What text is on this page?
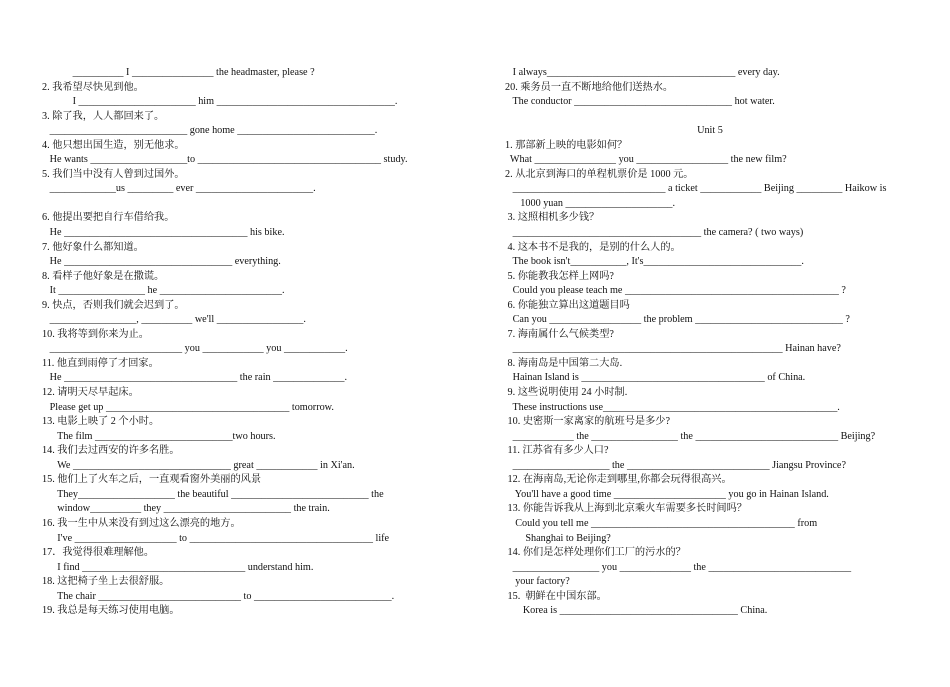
__________ I ________________ the headmaster, please ?
2. 我希望尽快见到他。
I _______________________ him ___________________________________.
3. 除了我，人人都回来了。
___________________________ gone home ___________________________.
4. 他只想出国生造，别无他求。
He wants ___________________to ____________________________________ study.
5. 我们当中没有人曾到过国外。
_____________us _________ ever _______________________.
6. 他提出要把自行车借给我。
He ____________________________________ his bike.
7. 他好象什么都知道。
He _________________________________ everything.
8. 看样子他好象是在撒谎。
It _________________ he ________________________.
9. 快点，否则我们就会迟到了。
_________________, __________ we'll _________________.
10. 我将等到你来为止。
__________________________ you ____________ you ____________.
11. 他直到雨停了才回家。
He __________________________________ the rain ______________.
12. 请明天尽早起床。
Please get up ____________________________________ tomorrow.
13. 电影上映了 2 个小时。
The film ___________________________two hours.
14. 我们去过西安的许多名胜。
We _______________________________ great ____________ in Xi'an.
15. 他们上了火车之后，一直观看窗外美丽的风景
They___________________ the beautiful ___________________________ the
window__________ they _________________________ the train.
16. 我一生中从来没有到过这么漂亮的地方。
I've ____________________ to ____________________________________ life
17．我觉得很难理解他。
I find ________________________________ understand him.
18. 这把椅子坐上去很舒服。
The chair ____________________________ to ___________________________.
19. 我总是每天练习使用电脑。
I always_____________________________________ every day.
20. 乘务员一直不断地给他们送热水。
The conductor _______________________________ hot water.
Unit 5
1. 那部新上映的电影如何？
What ________________ you __________________ the new film?
2. 从北京到海口的单程机票价是 1000 元。
______________________________ a ticket ____________ Beijing _________ Haikow is
1000 yuan _____________________.
3. 这照相机多少钱？
_____________________________________ the camera? ( two ways)
4. 这本书不是我的，是别的什么人的。
The book isn't___________, It's_______________________________.
5. 你能教我怎样上网吗?
Could you please teach me __________________________________________ ?
6. 你能独立算出这道题目吗
Can you __________________ the problem _____________________________ ?
7. 海南属什么气候类型?
_____________________________________________________ Hainan have?
8. 海南岛是中国第二大岛.
Hainan Island is ____________________________________ of China.
9. 这些说明使用 24 小时制.
These instructions use______________________________________________.
10. 史密斯一家离家的航班号是多少?
____________ the _________________ the ____________________________ Beijing?
11. 江苏省有多少人口?
___________________ the ____________________________ Jiangsu Province?
12. 在海南岛,无论你走到哪里,你都会玩得很高兴。
You'll have a good time ______________________ you go in Hainan Island.
13. 你能告诉我从上海到北京乘火车需要多长时间吗？
Could you tell me ________________________________________ from
Shanghai to Beijing?
14. 你们是怎样处理你们工厂的污水的？
_________________ you ______________ the ____________________________
your factory?
15.  朝鲜在中国东部。
Korea is ___________________________________ China.
